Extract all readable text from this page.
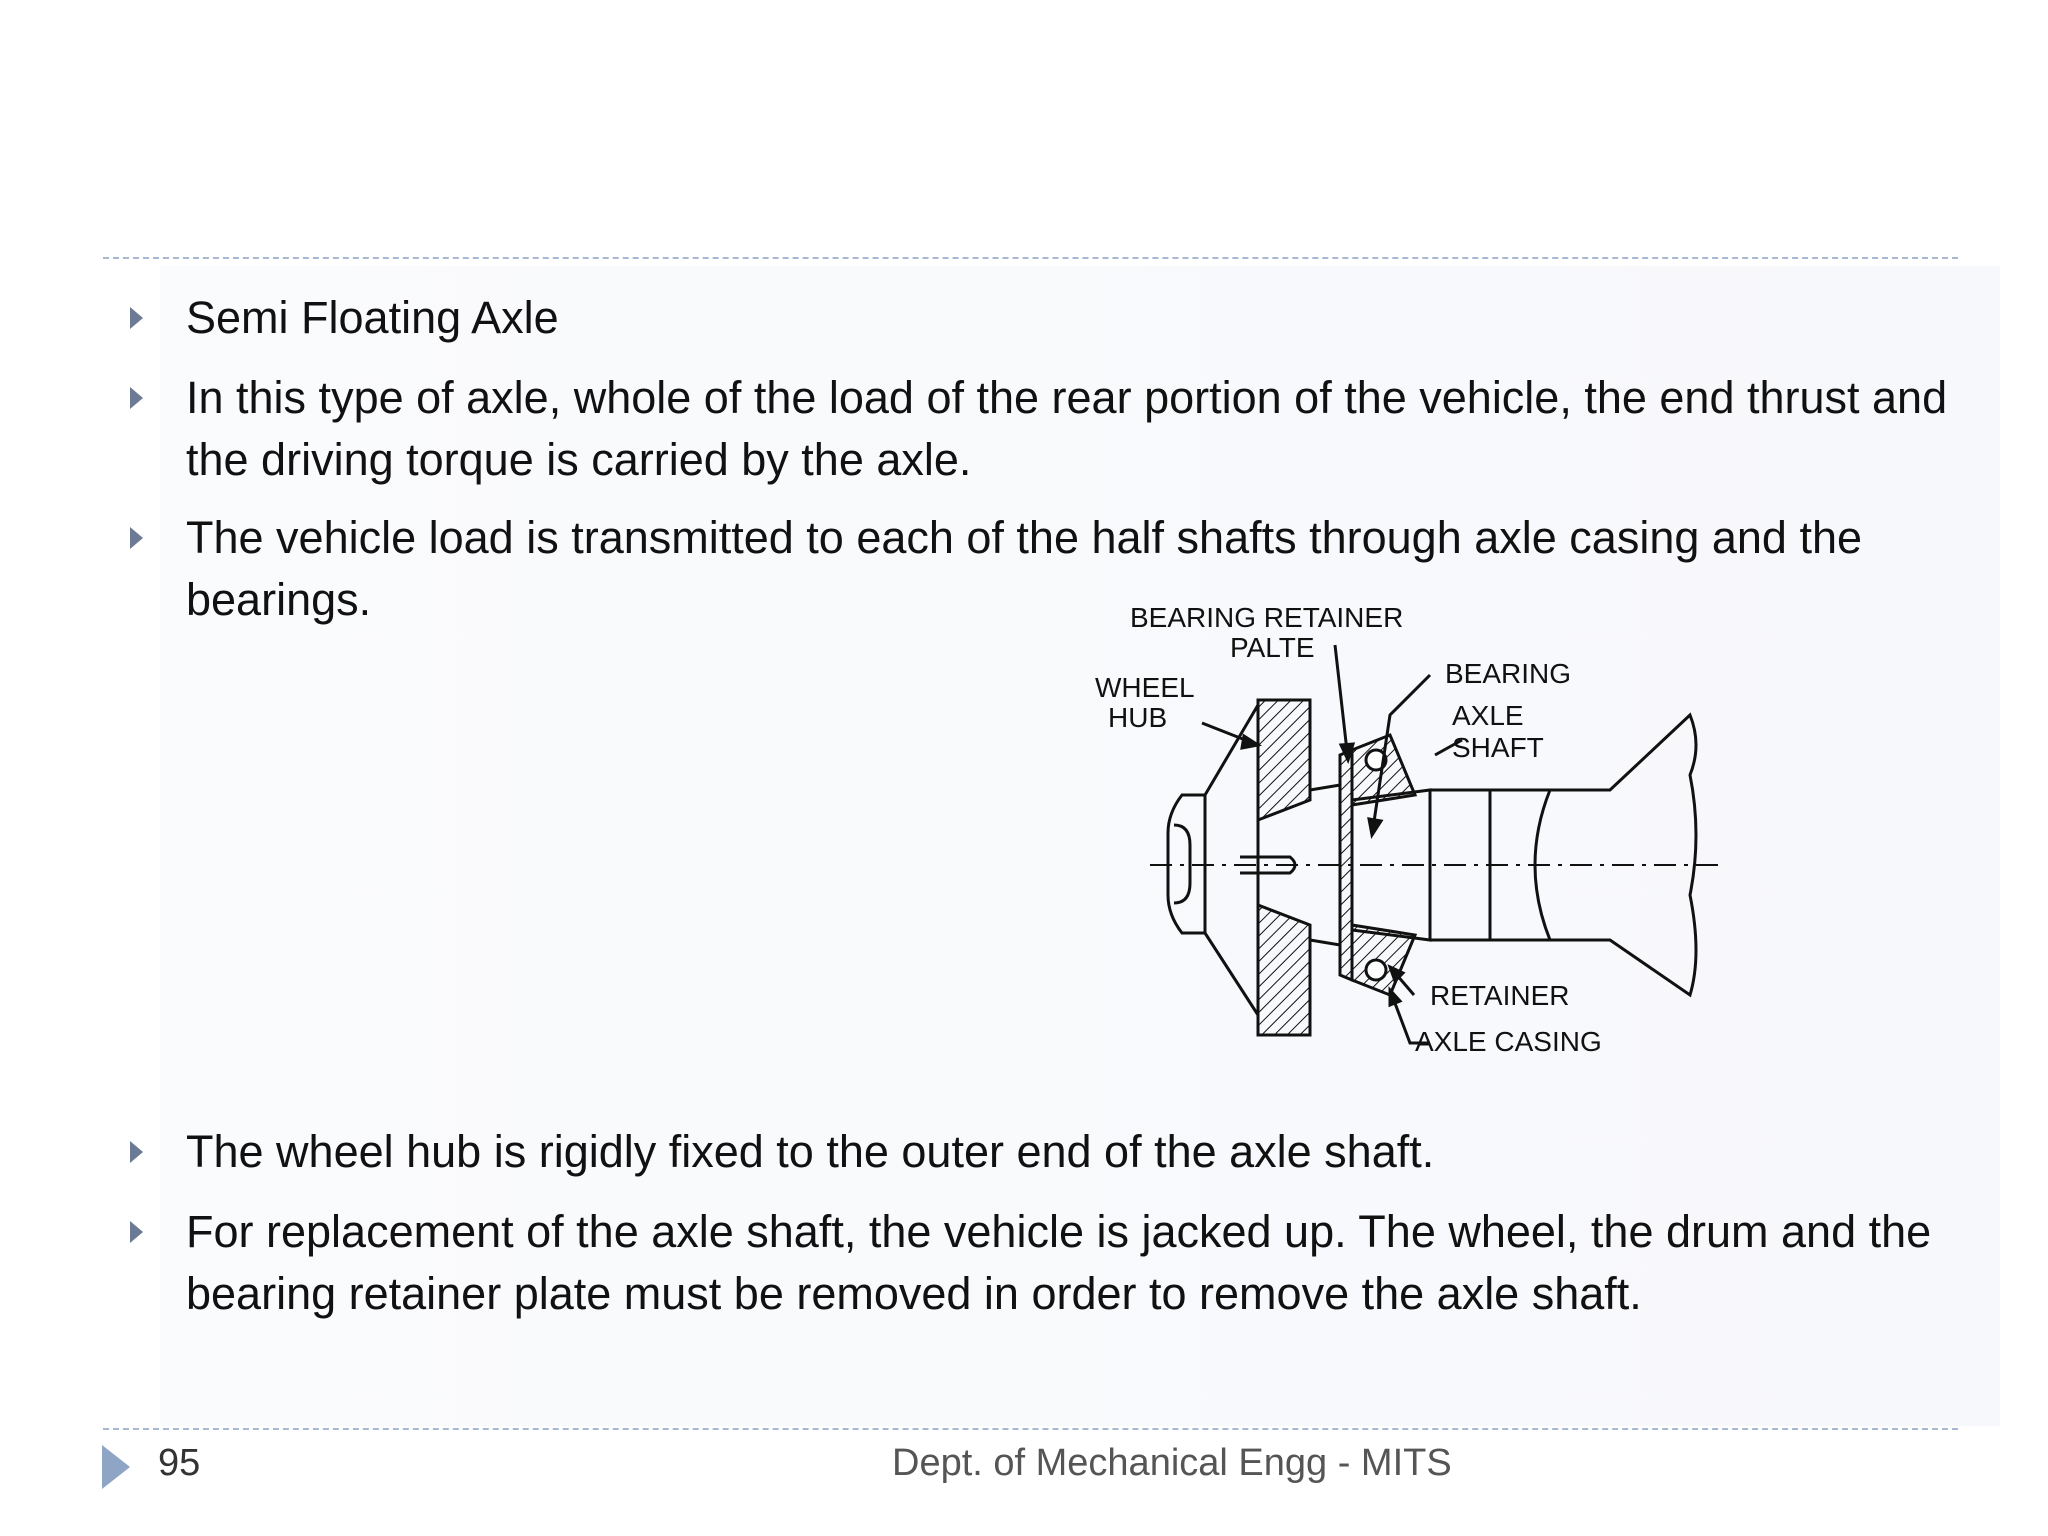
Semi Floating Axle
In this type of axle, whole of the load of the rear portion of the vehicle, the end thrust and the driving torque is carried by the axle.
The vehicle load is transmitted to each of the half shafts through axle casing and the bearings.	BEARING RETAINER
PALTE
WHEEL
HUB
BEARING
AXLE
SHAFT
RETAINER
AXLE CASING
The wheel hub is rigidly fixed to the outer end of the axle shaft.
For replacement of the axle shaft, the vehicle is jacked up. The wheel, the drum and the bearing retainer plate must be removed in order to remove the axle shaft.
95	Dept. of Mechanical Engg - MITS
